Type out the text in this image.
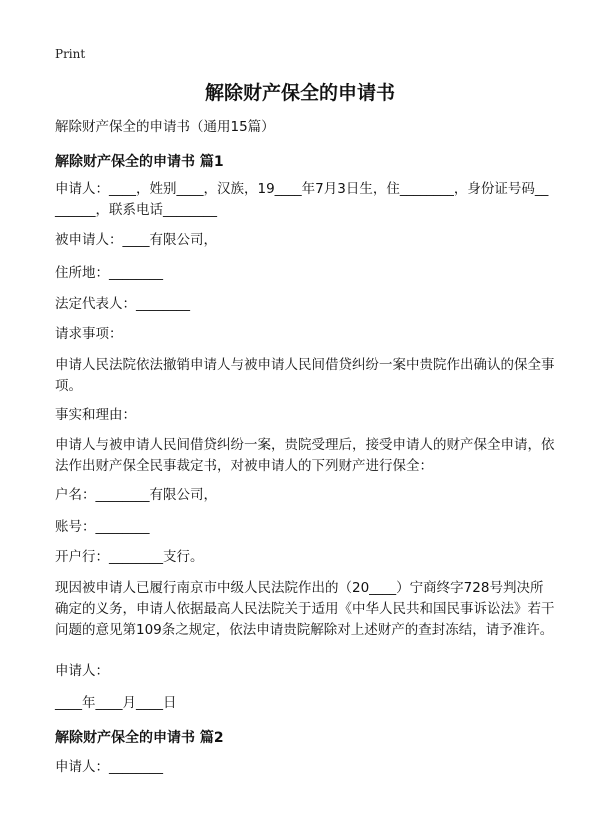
Print
解除财产保全的申请书

解除财产保全的申请书（通用15篇）

解除财产保全的申请书 篇1

申请人：____，姓别____，汉族，19____年7月3日生，住________，身份证号码________，联系电话________

被申请人：____有限公司，

住所地：________

法定代表人：________

请求事项：

申请人民法院依法撤销申请人与被申请人民间借贷纠纷一案中贵院作出确认的保全事项。

事实和理由：

申请人与被申请人民间借贷纠纷一案，贵院受理后，接受申请人的财产保全申请，依法作出财产保全民事裁定书，对被申请人的下列财产进行保全：

户名：________有限公司，

账号：________

开户行：________支行。

现因被申请人已履行南京市中级人民法院作出的（20____）宁商终字728号判决所确定的义务，申请人依据最高人民法院关于适用《中华人民共和国民事诉讼法》若干问题的意见第109条之规定，依法申请贵院解除对上述财产的查封冻结，请予准许。

申请人：

____年____月____日

解除财产保全的申请书 篇2

申请人：________
